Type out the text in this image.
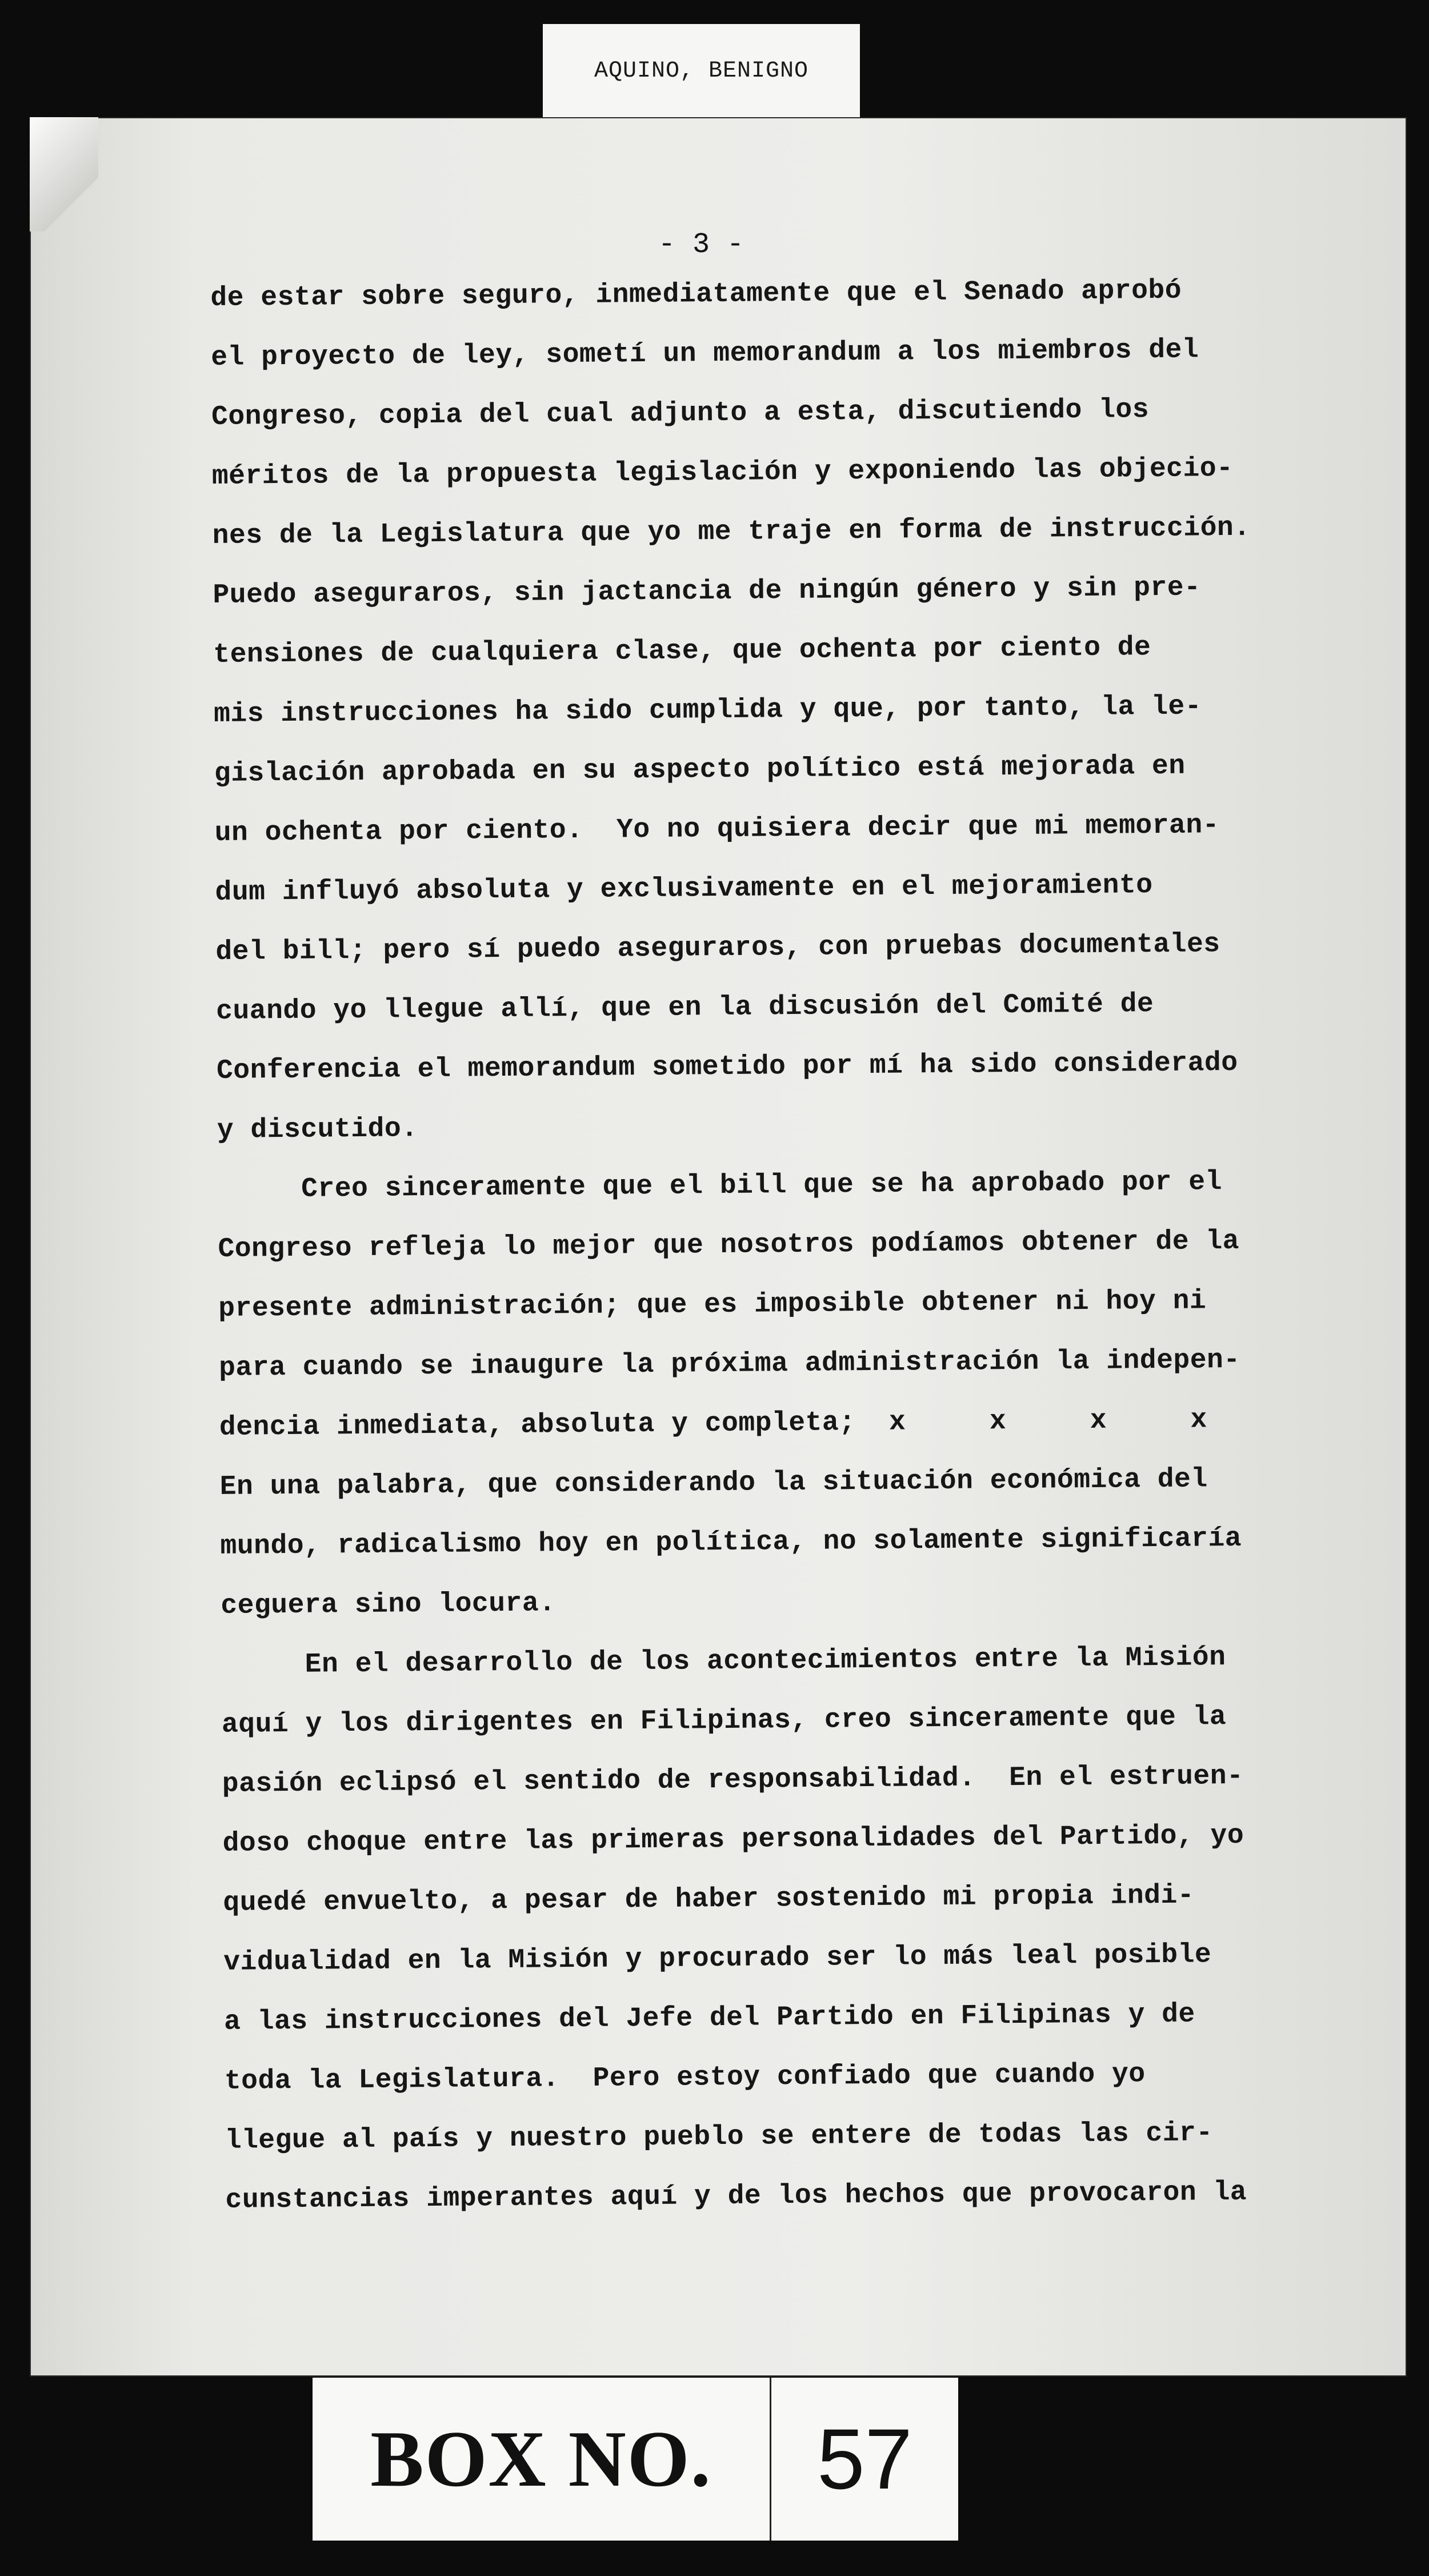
AQUINO, BENIGNO
- 3 -
de estar sobre seguro, inmediatamente que el Senado aprobó
el proyecto de ley, sometí un memorandum a los miembros del
Congreso, copia del cual adjunto a esta, discutiendo los
méritos de la propuesta legislación y exponiendo las objecio-
nes de la Legislatura que yo me traje en forma de instrucción.
Puedo aseguraros, sin jactancia de ningún género y sin pre-
tensiones de cualquiera clase, que ochenta por ciento de
mis instrucciones ha sido cumplida y que, por tanto, la le-
gislación aprobada en su aspecto político está mejorada en
un ochenta por ciento.  Yo no quisiera decir que mi memoran-
dum influyó absoluta y exclusivamente en el mejoramiento
del bill; pero sí puedo aseguraros, con pruebas documentales
cuando yo llegue allí, que en la discusión del Comité de
Conferencia el memorandum sometido por mí ha sido considerado
y discutido.
Creo sinceramente que el bill que se ha aprobado por el
Congreso refleja lo mejor que nosotros podíamos obtener de la
presente administración; que es imposible obtener ni hoy ni
para cuando se inaugure la próxima administración la indepen-
dencia inmediata, absoluta y completa;  x     x     x     x
En una palabra, que considerando la situación económica del
mundo, radicalismo hoy en política, no solamente significaría
ceguera sino locura.
En el desarrollo de los acontecimientos entre la Misión
aquí y los dirigentes en Filipinas, creo sinceramente que la
pasión eclipsó el sentido de responsabilidad.  En el estruen-
doso choque entre las primeras personalidades del Partido, yo
quedé envuelto, a pesar de haber sostenido mi propia indi-
vidualidad en la Misión y procurado ser lo más leal posible
a las instrucciones del Jefe del Partido en Filipinas y de
toda la Legislatura.  Pero estoy confiado que cuando yo
llegue al país y nuestro pueblo se entere de todas las cir-
cunstancias imperantes aquí y de los hechos que provocaron la
BOX NO.	57
